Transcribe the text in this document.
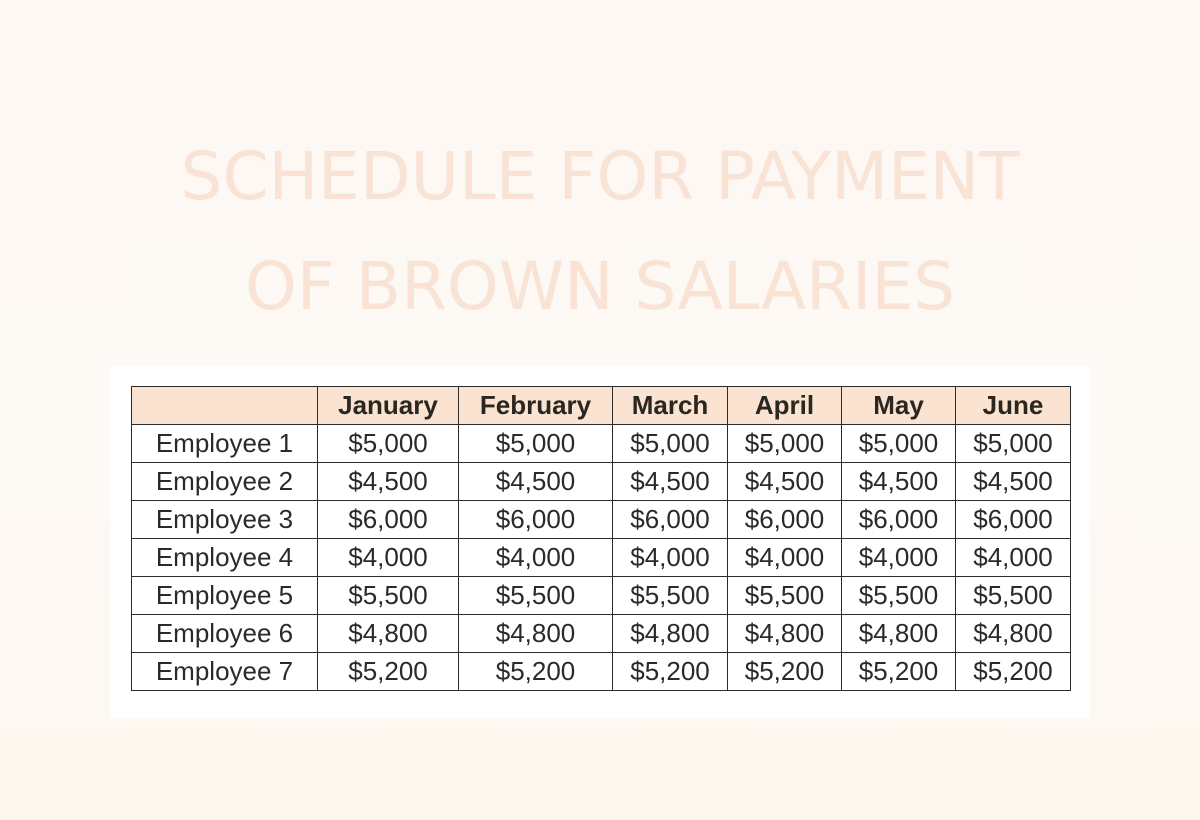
SCHEDULE FOR PAYMENT
OF BROWN SALARIES
	January	February	March	April	May	June
Employee 1	$5,000	$5,000	$5,000	$5,000	$5,000	$5,000
Employee 2	$4,500	$4,500	$4,500	$4,500	$4,500	$4,500
Employee 3	$6,000	$6,000	$6,000	$6,000	$6,000	$6,000
Employee 4	$4,000	$4,000	$4,000	$4,000	$4,000	$4,000
Employee 5	$5,500	$5,500	$5,500	$5,500	$5,500	$5,500
Employee 6	$4,800	$4,800	$4,800	$4,800	$4,800	$4,800
Employee 7	$5,200	$5,200	$5,200	$5,200	$5,200	$5,200
